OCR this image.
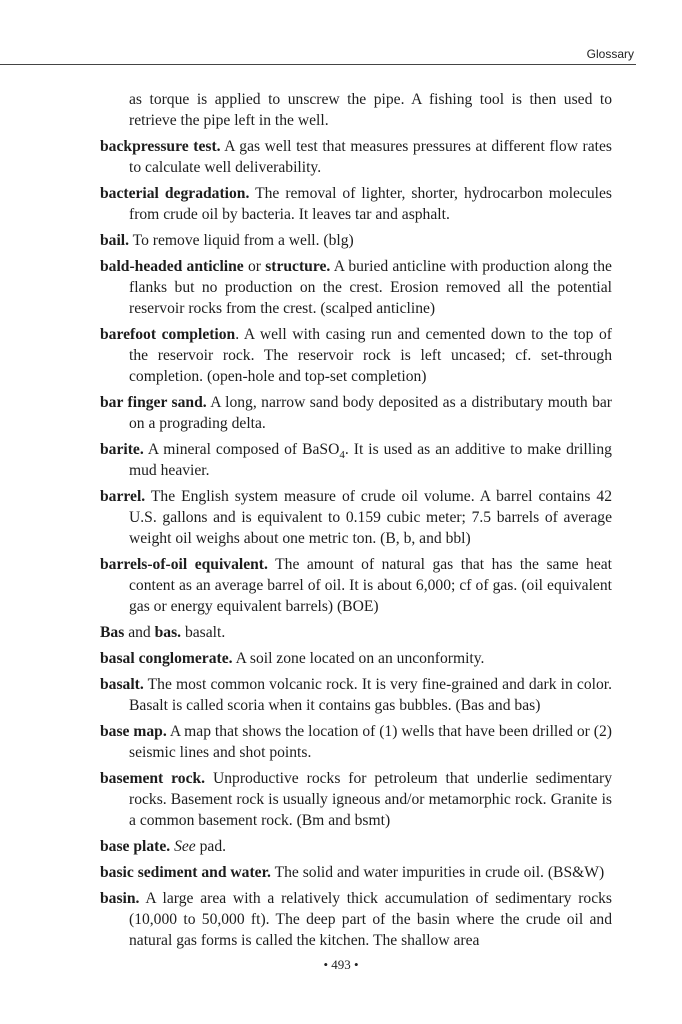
Glossary

as torque is applied to unscrew the pipe. A fishing tool is then used to retrieve the pipe left in the well.

backpressure test. A gas well test that measures pressures at different flow rates to calculate well deliverability.

bacterial degradation. The removal of lighter, shorter, hydrocarbon molecules from crude oil by bacteria. It leaves tar and asphalt.

bail. To remove liquid from a well. (blg)

bald-headed anticline or structure. A buried anticline with production along the flanks but no production on the crest. Erosion removed all the potential reservoir rocks from the crest. (scalped anticline)

barefoot completion. A well with casing run and cemented down to the top of the reservoir rock. The reservoir rock is left uncased; cf. set-through completion. (open-hole and top-set completion)

bar finger sand. A long, narrow sand body deposited as a distributary mouth bar on a prograding delta.

barite. A mineral composed of BaSO$_4$. It is used as an additive to make drilling mud heavier.

barrel. The English system measure of crude oil volume. A barrel contains 42 U.S. gallons and is equivalent to 0.159 cubic meter; 7.5 barrels of average weight oil weighs about one metric ton. (B, b, and bbl)

barrels-of-oil equivalent. The amount of natural gas that has the same heat content as an average barrel of oil. It is about 6,000; cf of gas. (oil equivalent gas or energy equivalent barrels) (BOE)

Bas and bas. basalt.

basal conglomerate. A soil zone located on an unconformity.

basalt. The most common volcanic rock. It is very fine-grained and dark in color. Basalt is called scoria when it contains gas bubbles. (Bas and bas)

base map. A map that shows the location of (1) wells that have been drilled or (2) seismic lines and shot points.

basement rock. Unproductive rocks for petroleum that underlie sedimentary rocks. Basement rock is usually igneous and/or metamorphic rock. Granite is a common basement rock. (Bm and bsmt)

base plate. See pad.

basic sediment and water. The solid and water impurities in crude oil. (BS&W)

basin. A large area with a relatively thick accumulation of sedimentary rocks (10,000 to 50,000 ft). The deep part of the basin where the crude oil and natural gas forms is called the kitchen. The shallow area

• 493 •
